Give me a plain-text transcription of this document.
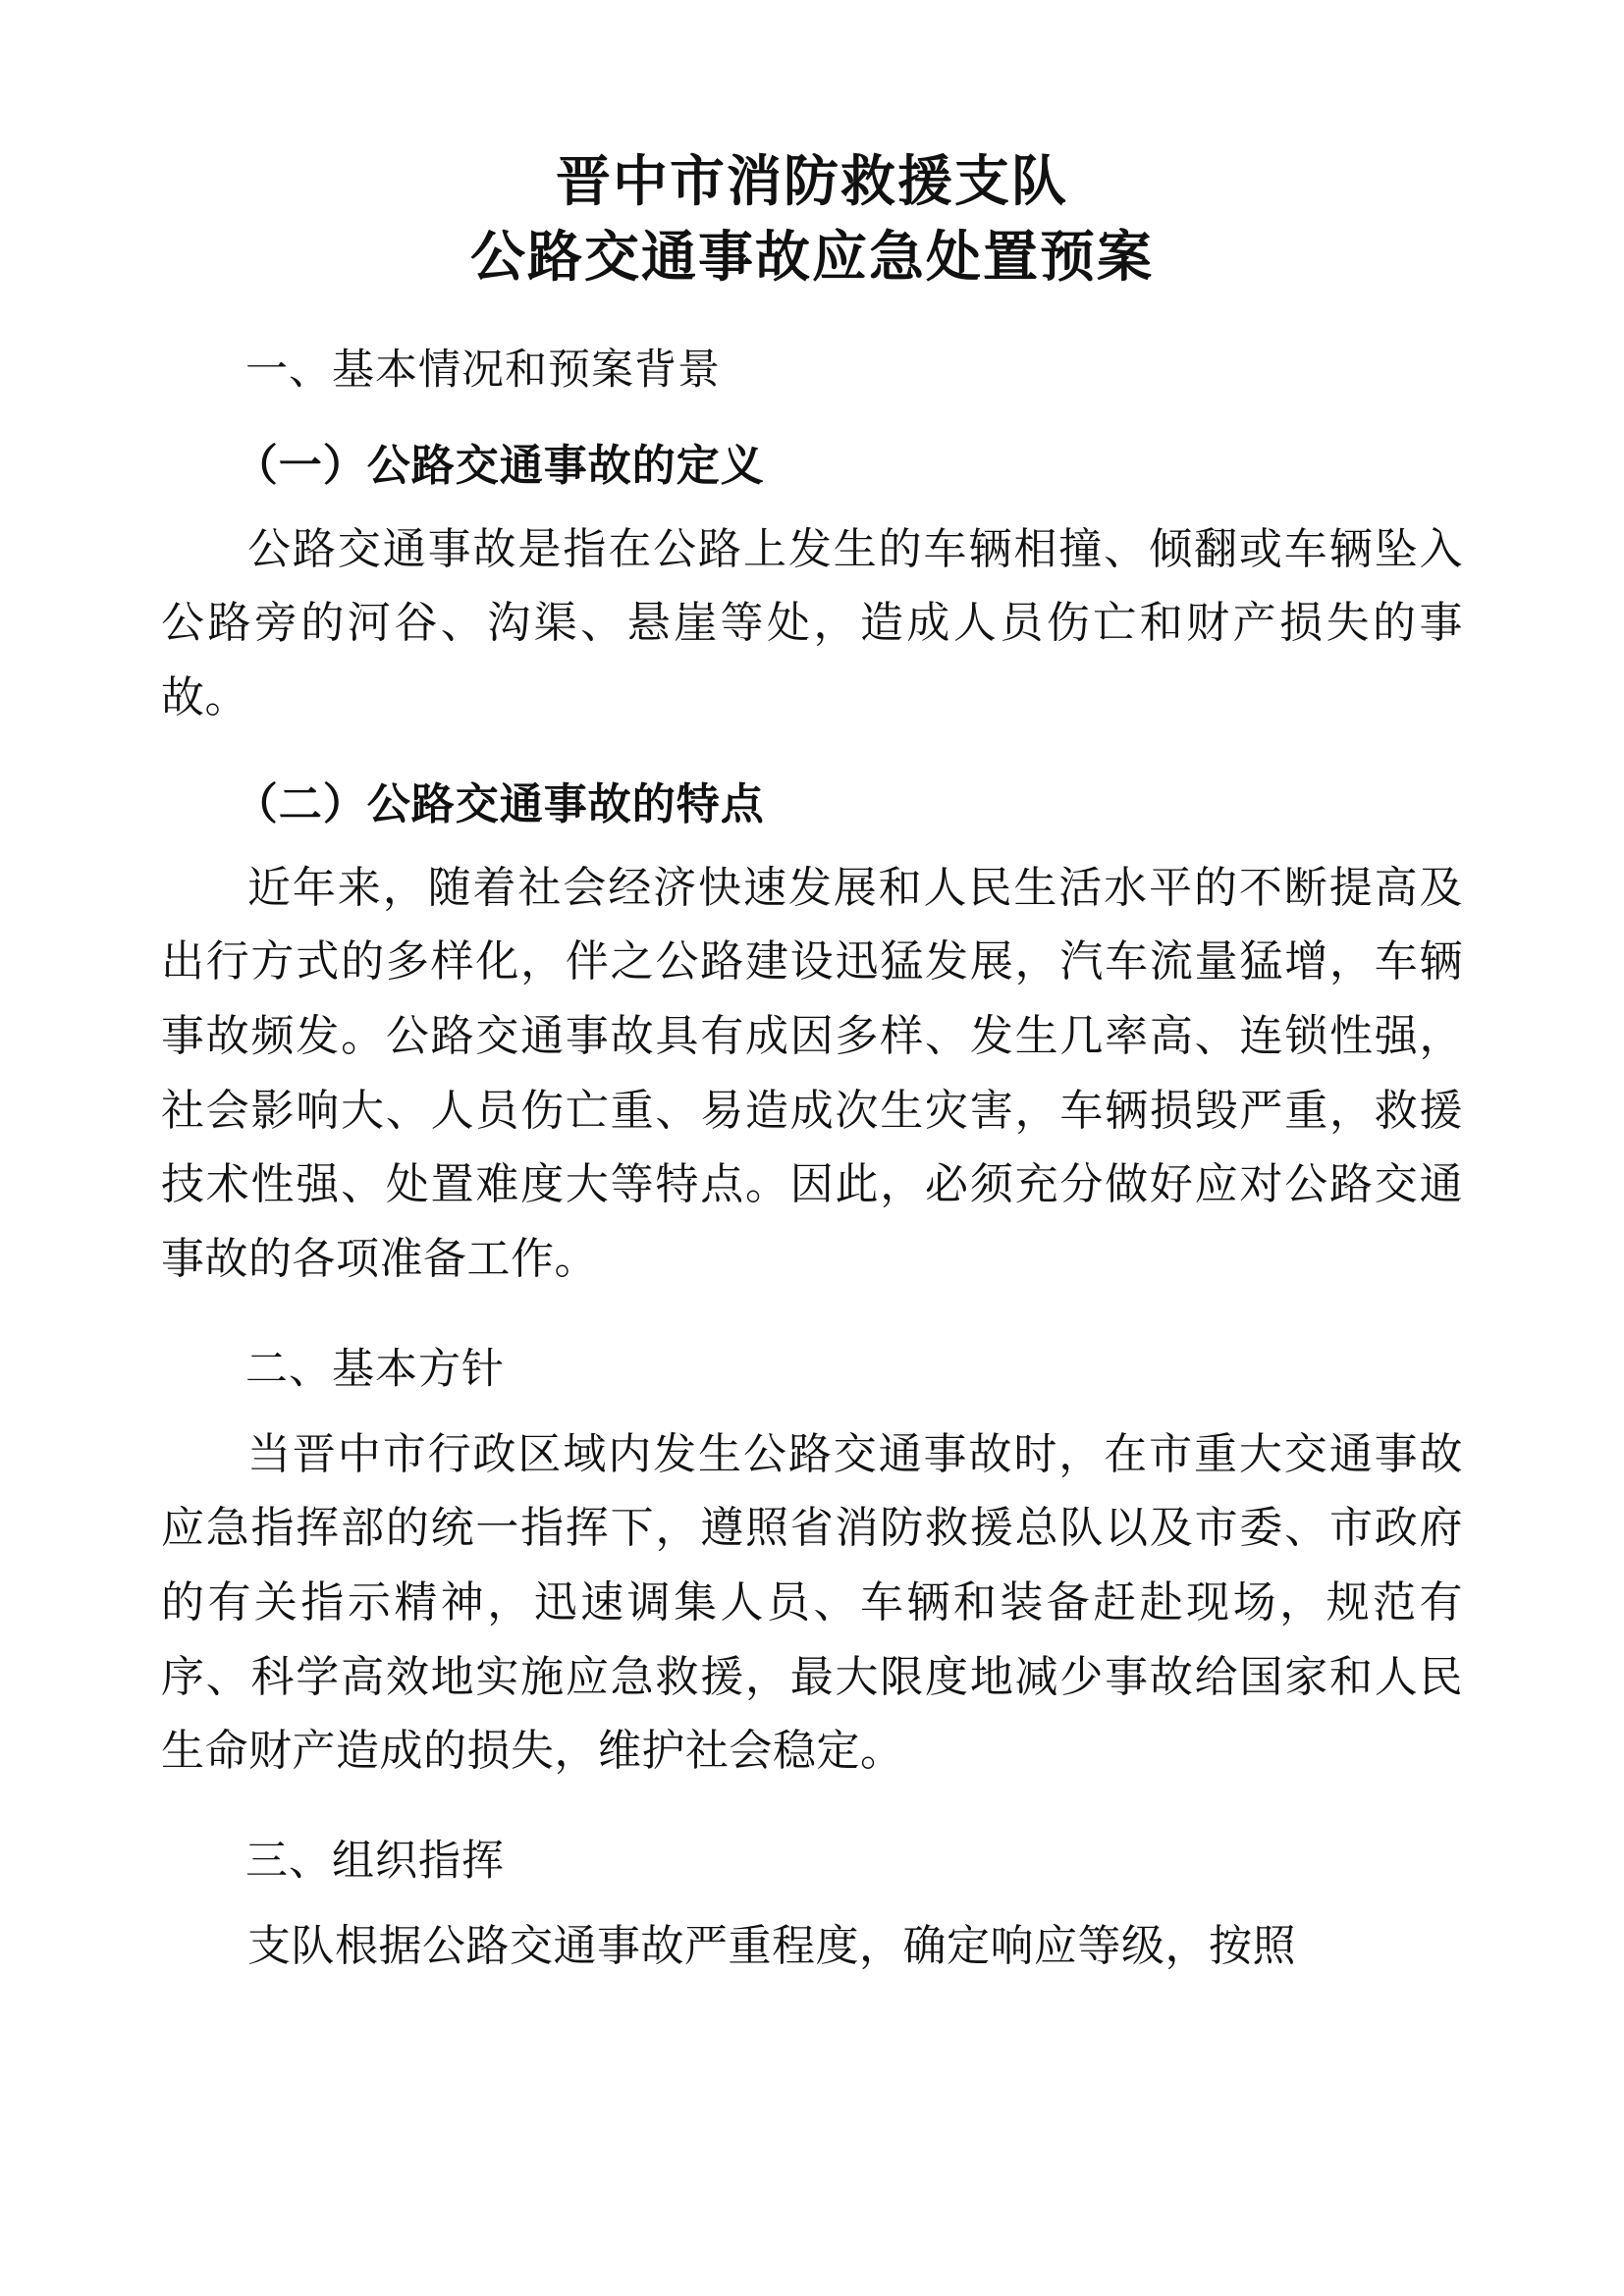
晋中市消防救援支队
公路交通事故应急处置预案
一、基本情况和预案背景
（一）公路交通事故的定义

公路交通事故是指在公路上发生的车辆相撞、倾翻或车辆坠入公路旁的河谷、沟渠、悬崖等处，造成人员伤亡和财产损失的事故。

（二）公路交通事故的特点

近年来，随着社会经济快速发展和人民生活水平的不断提高及出行方式的多样化，伴之公路建设迅猛发展，汽车流量猛增，车辆事故频发。公路交通事故具有成因多样、发生几率高、连锁性强，社会影响大、人员伤亡重、易造成次生灾害，车辆损毁严重，救援技术性强、处置难度大等特点。因此，必须充分做好应对公路交通事故的各项准备工作。

二、基本方针

当晋中市行政区域内发生公路交通事故时，在市重大交通事故应急指挥部的统一指挥下，遵照省消防救援总队以及市委、市政府的有关指示精神，迅速调集人员、车辆和装备赶赴现场，规范有序、科学高效地实施应急救援，最大限度地减少事故给国家和人民生命财产造成的损失，维护社会稳定。

三、组织指挥

支队根据公路交通事故严重程度，确定响应等级，按照
